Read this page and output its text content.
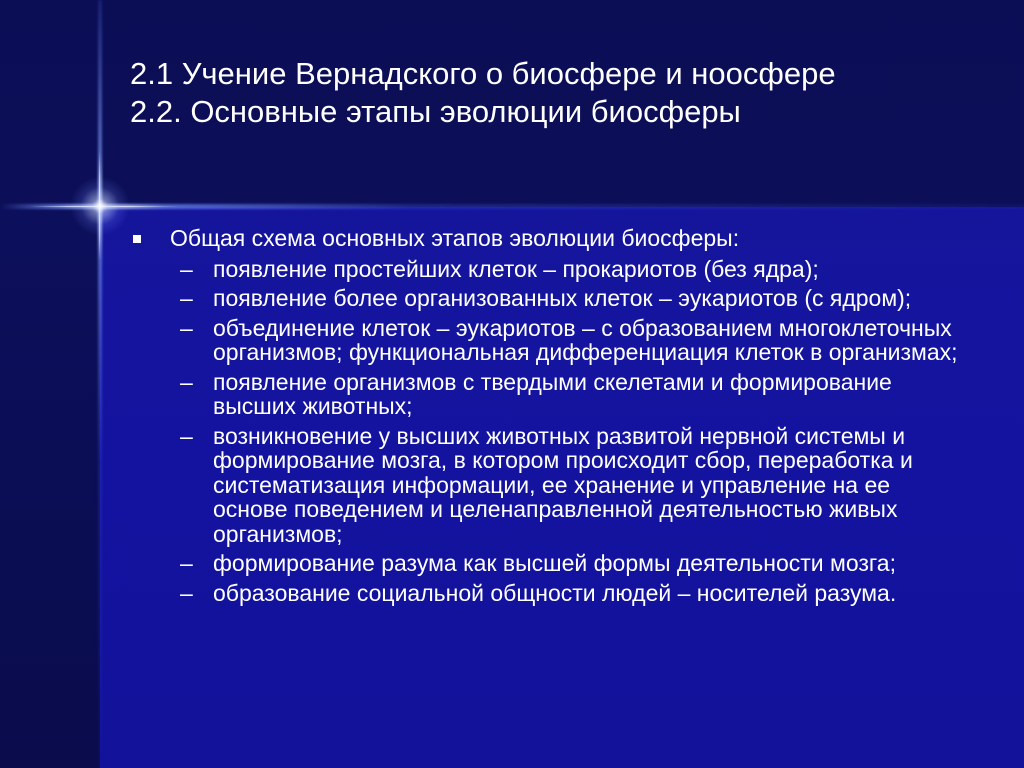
2.1 Учение Вернадского о биосфере и ноосфере
2.2. Основные этапы эволюции биосферы
Общая схема основных этапов эволюции биосферы:
– появление простейших клеток – прокариотов (без ядра);
– появление более организованных клеток – эукариотов (с ядром);
– объединение клеток – эукариотов – с образованием многоклеточных организмов; функциональная дифференциация клеток в организмах;
– появление организмов с твердыми скелетами и формирование высших животных;
– возникновение у высших животных развитой нервной системы и формирование мозга, в котором происходит сбор, переработка и систематизация информации, ее хранение и управление на ее основе поведением и целенаправленной деятельностью живых организмов;
– формирование разума как высшей формы деятельности мозга;
– образование социальной общности людей – носителей разума.
